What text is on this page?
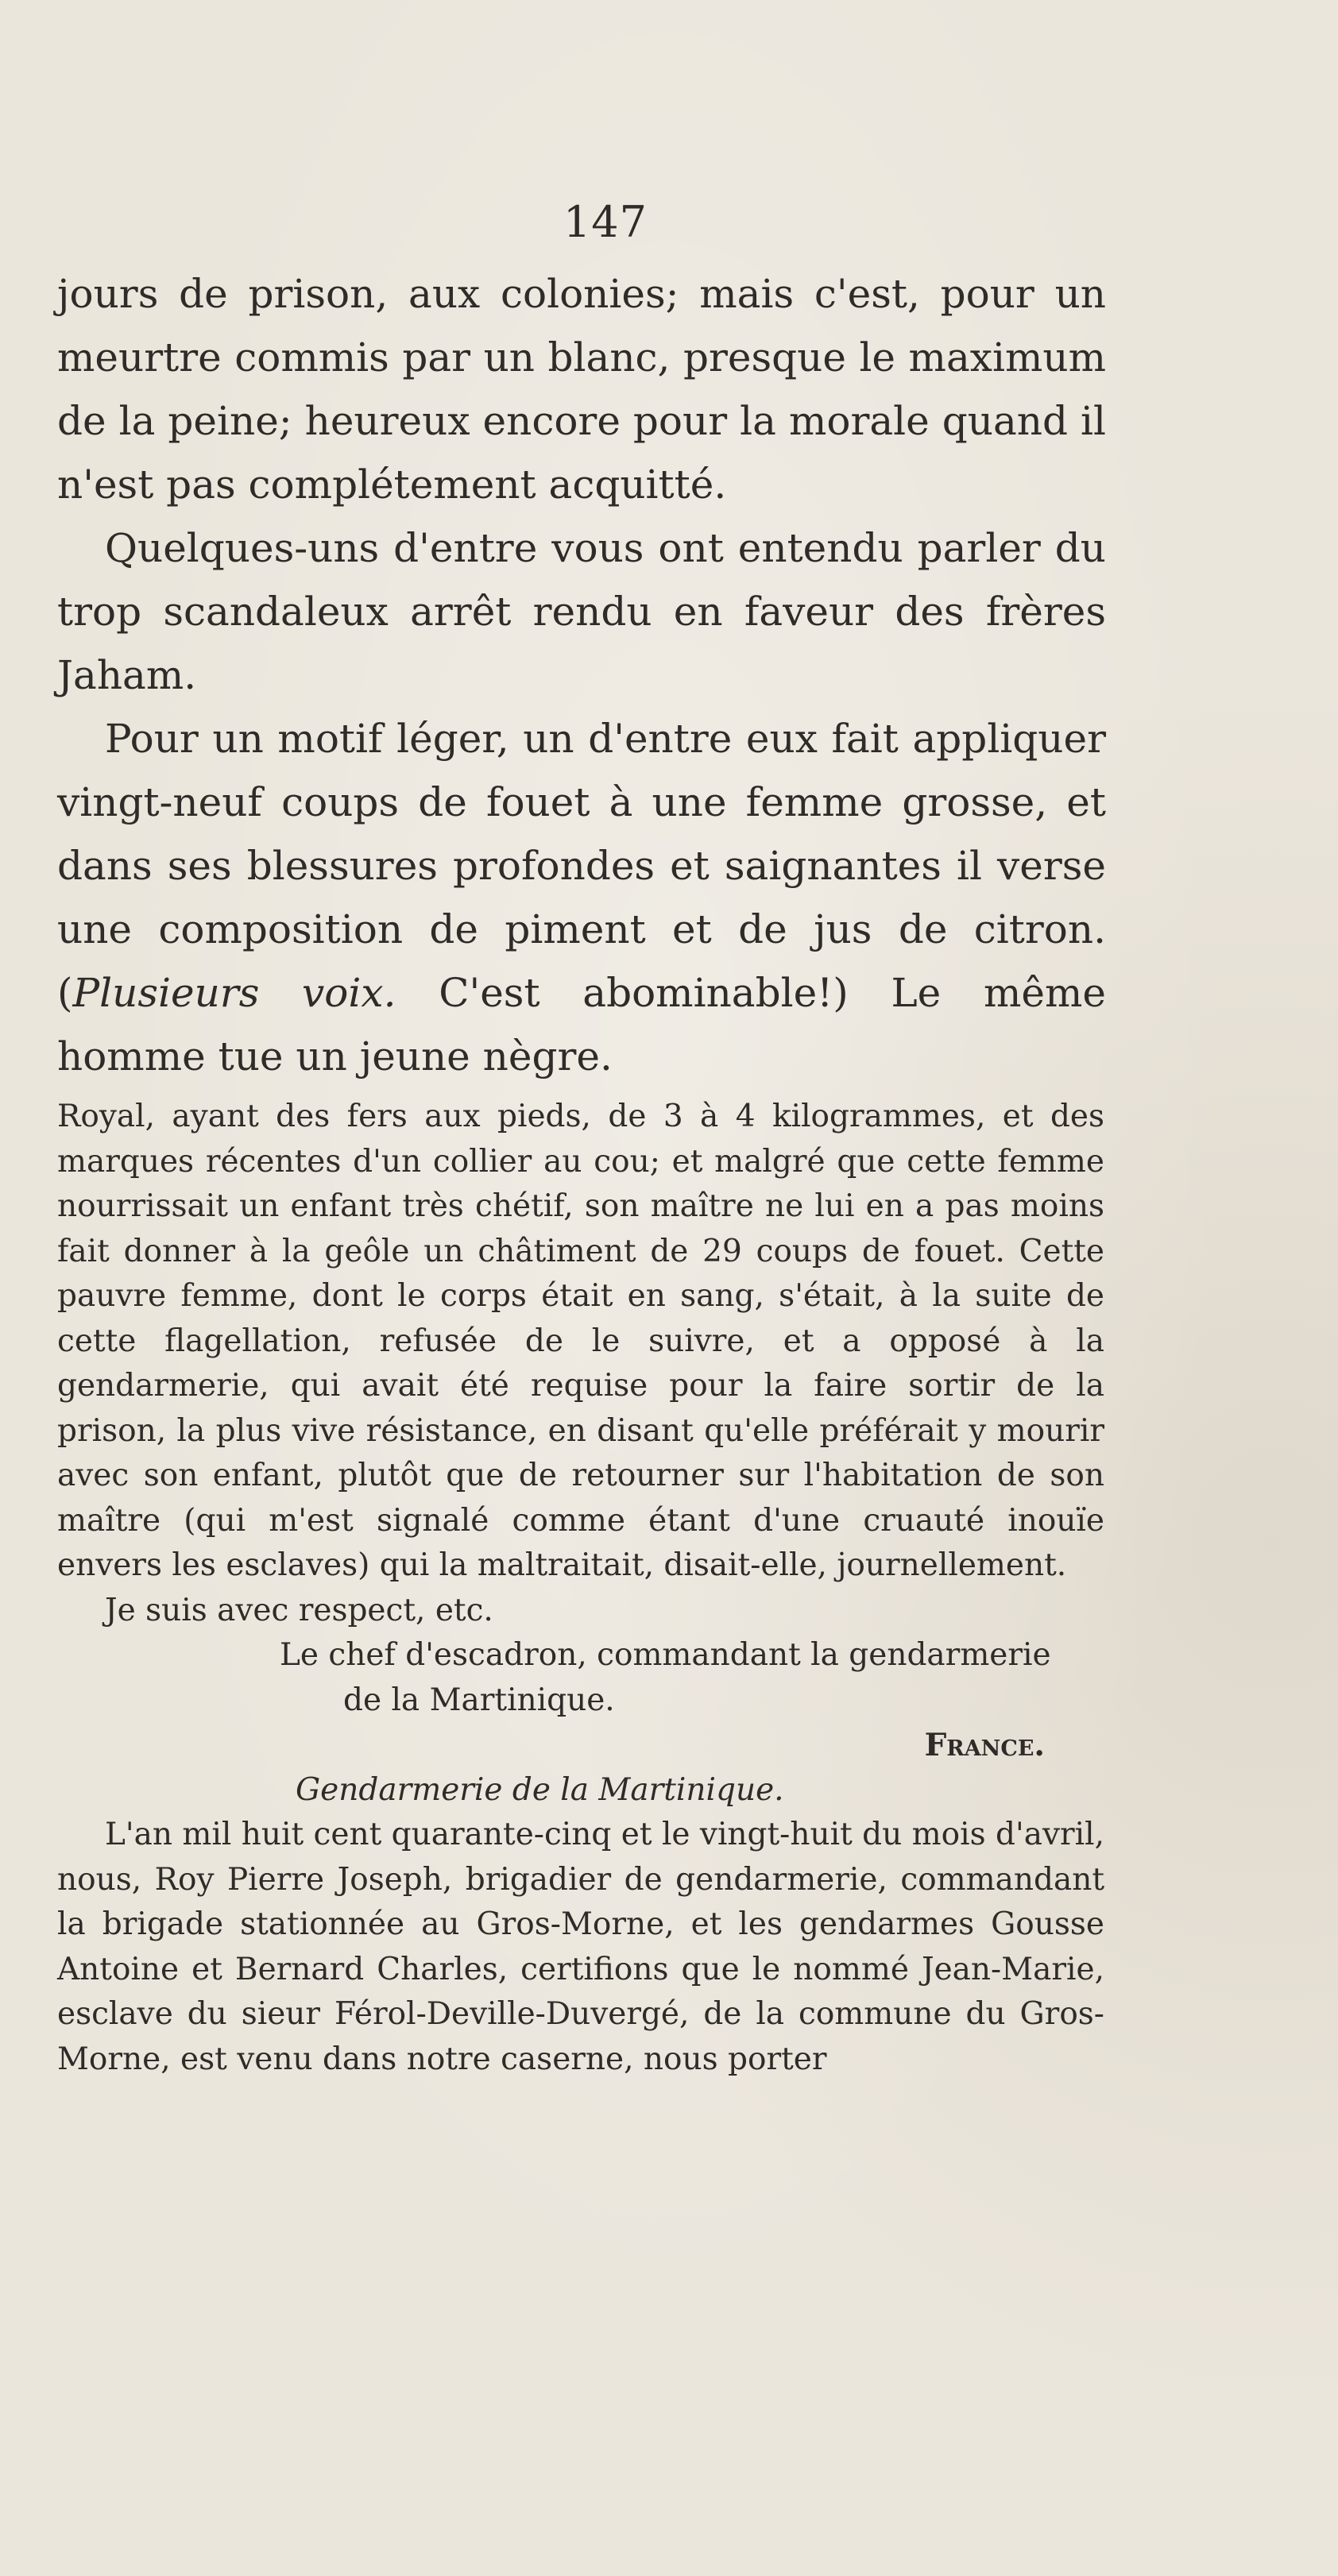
147

jours de prison, aux colonies; mais c'est, pour un meurtre commis par un blanc, presque le maximum de la peine; heureux encore pour la morale quand il n'est pas complétement acquitté.

Quelques-uns d'entre vous ont entendu parler du trop scandaleux arrêt rendu en faveur des frères Jaham.

Pour un motif léger, un d'entre eux fait appliquer vingt-neuf coups de fouet à une femme grosse, et dans ses blessures profondes et saignantes il verse une composition de piment et de jus de citron. (Plusieurs voix. C'est abominable!) Le même homme tue un jeune nègre.

Royal, ayant des fers aux pieds, de 3 à 4 kilogrammes, et des marques récentes d'un collier au cou; et malgré que cette femme nourrissait un enfant très chétif, son maître ne lui en a pas moins fait donner à la geôle un châtiment de 29 coups de fouet. Cette pauvre femme, dont le corps était en sang, s'était, à la suite de cette flagellation, refusée de le suivre, et a opposé à la gendarmerie, qui avait été requise pour la faire sortir de la prison, la plus vive résistance, en disant qu'elle préférait y mourir avec son enfant, plutôt que de retourner sur l'habitation de son maître (qui m'est signalé comme étant d'une cruauté inouïe envers les esclaves) qui la maltraitait, disait-elle, journellement.

Je suis avec respect, etc.

Le chef d'escadron, commandant la gendarmerie

de la Martinique.

France.

Gendarmerie de la Martinique.

L'an mil huit cent quarante-cinq et le vingt-huit du mois d'avril, nous, Roy Pierre Joseph, brigadier de gendarmerie, commandant la brigade stationnée au Gros-Morne, et les gendarmes Gousse Antoine et Bernard Charles, certifions que le nommé Jean-Marie, esclave du sieur Férol-Deville-Duvergé, de la commune du Gros-Morne, est venu dans notre caserne, nous porter
